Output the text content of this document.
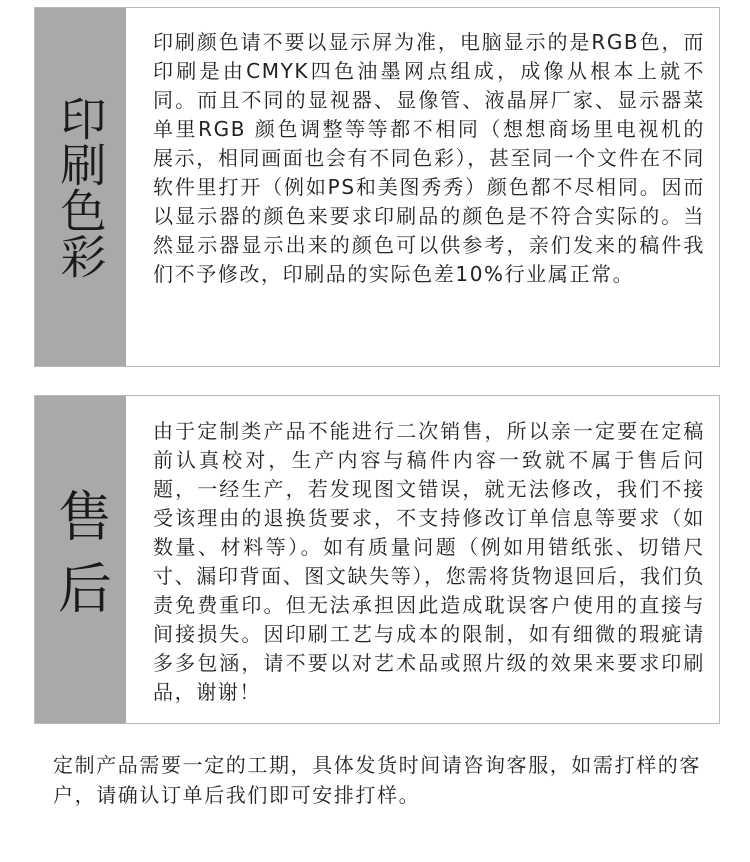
印刷色彩
印刷颜色请不要以显示屏为准，电脑显示的是RGB色，而印刷是由CMYK四色油墨网点组成，成像从根本上就不同。而且不同的显视器、显像管、液晶屏厂家、显示器菜单里RGB 颜色调整等等都不相同（想想商场里电视机的展示，相同画面也会有不同色彩），甚至同一个文件在不同软件里打开（例如PS和美图秀秀）颜色都不尽相同。因而以显示器的颜色来要求印刷品的颜色是不符合实际的。当然显示器显示出来的颜色可以供参考，亲们发来的稿件我们不予修改，印刷品的实际色差10%行业属正常。
售后
由于定制类产品不能进行二次销售，所以亲一定要在定稿前认真校对，生产内容与稿件内容一致就不属于售后问题，一经生产，若发现图文错误，就无法修改，我们不接受该理由的退换货要求，不支持修改订单信息等要求（如数量、材料等）。如有质量问题（例如用错纸张、切错尺寸、漏印背面、图文缺失等），您需将货物退回后，我们负责免费重印。但无法承担因此造成耽误客户使用的直接与间接损失。因印刷工艺与成本的限制，如有细微的瑕疵请多多包涵，请不要以对艺术品或照片级的效果来要求印刷品，谢谢！
定制产品需要一定的工期，具体发货时间请咨询客服，如需打样的客户，请确认订单后我们即可安排打样。
